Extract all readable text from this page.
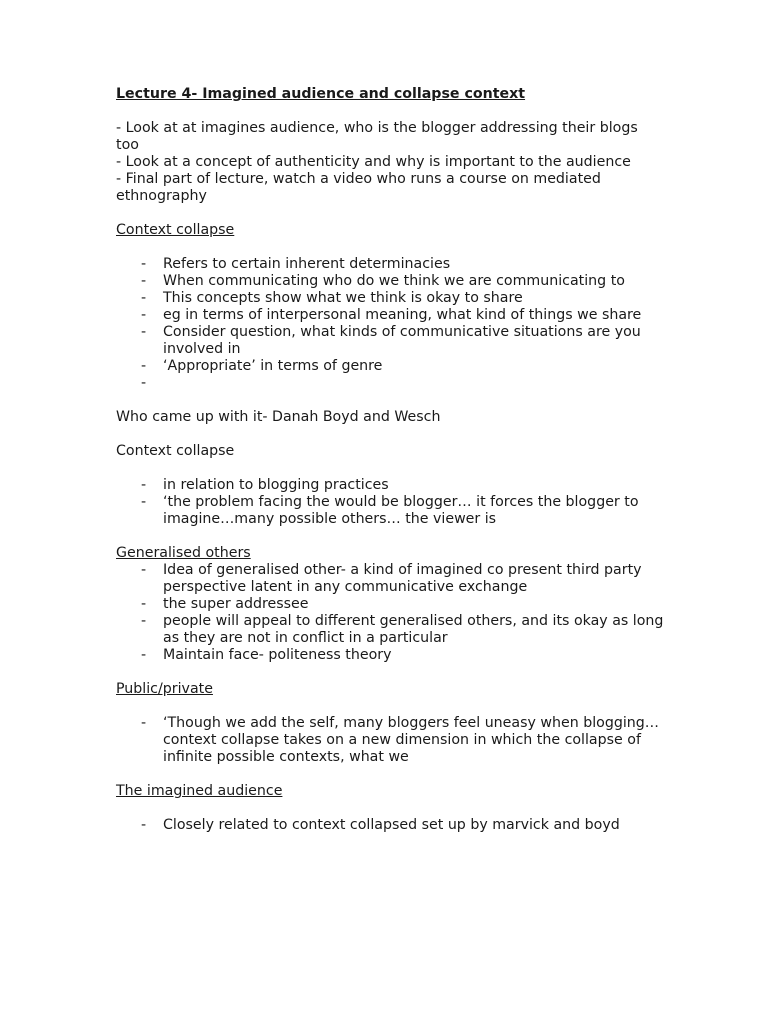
Lecture 4- Imagined audience and collapse context

- Look at at imagines audience, who is the blogger addressing their blogs too

- Look at a concept of authenticity and why is important to the audience

- Final part of lecture, watch a video who runs a course on mediated ethnography

Context collapse

- Refers to certain inherent determinacies
- When communicating who do we think we are communicating to
- This concepts show what we think is okay to share
- eg in terms of interpersonal meaning, what kind of things we share
- Consider question, what kinds of communicative situations are you involved in
- ‘Appropriate’ in terms of genre
-

Who came up with it- Danah Boyd and Wesch

Context collapse

- in relation to blogging practices
- ‘the problem facing the would be blogger… it forces the blogger to imagine…many possible others… the viewer is

Generalised others

- Idea of generalised other- a kind of imagined co present third party perspective latent in any communicative exchange
- the super addressee
- people will appeal to different generalised others, and its okay as long as they are not in conflict in a particular
- Maintain face- politeness theory

Public/private

- ‘Though we add the self, many bloggers feel uneasy when blogging… context collapse takes on a new dimension in which the collapse of infinite possible contexts, what we

The imagined audience

- Closely related to context collapsed set up by marvick and boyd
